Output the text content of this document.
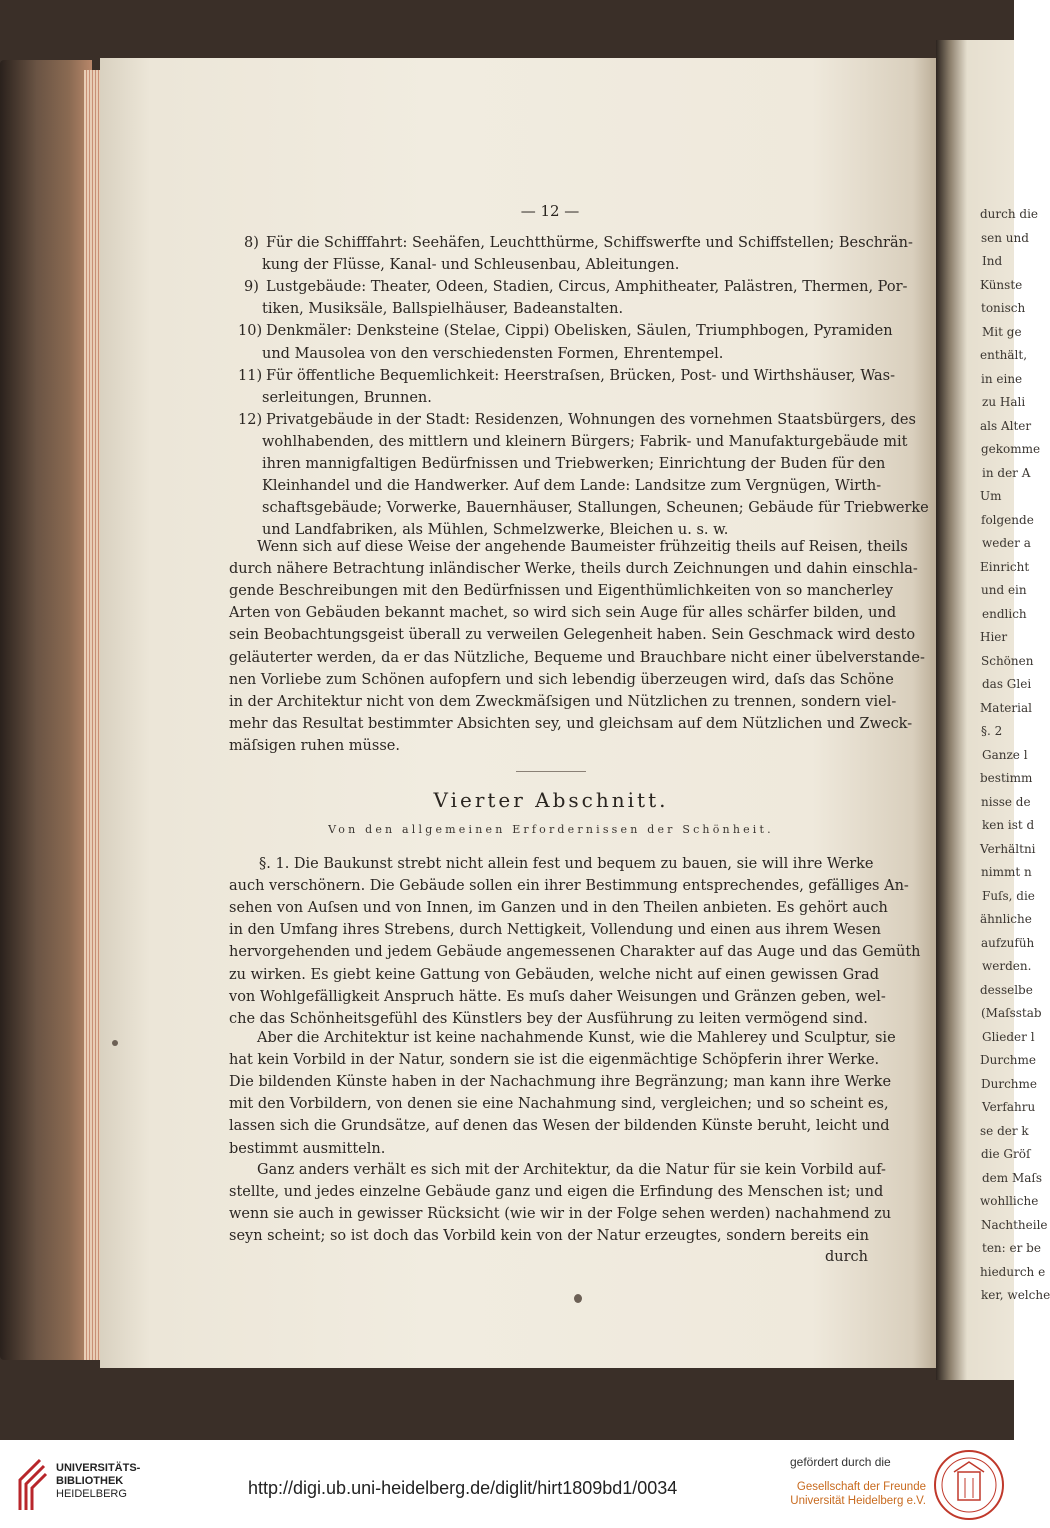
durch die
sen und
Ind
Künste
tonisch
Mit ge
enthält,
in eine
zu Hali
als Alter
gekomme
in der A
Um
folgende
weder a
Einricht
und ein
endlich
Hier
Schönen
das Glei
Material
§. 2
Ganze l
bestimm
nisse de
ken ist d
Verhältni
nimmt n
Fuſs, die
ähnliche
aufzufüh
werden.
desselbe
(Maſsstab
Glieder l
Durchme
Durchme
Verfahru
se der k
die Gröſ
dem Maſs
wohlliche
Nachtheile
ten: er be
hiedurch e
ker, welche
— 12 —
8) Für die Schifffahrt: Seehäfen, Leuchtthürme, Schiffswerfte und Schiffstellen; Beschrän-
kung der Flüsse, Kanal- und Schleusenbau, Ableitungen.
9) Lustgebäude: Theater, Odeen, Stadien, Circus, Amphitheater, Palästren, Thermen, Por-
tiken, Musiksäle, Ballspielhäuser, Badeanstalten.
10) Denkmäler: Denksteine (Stelae, Cippi) Obelisken, Säulen, Triumphbogen, Pyramiden
und Mausolea von den verschiedensten Formen, Ehrentempel.
11) Für öffentliche Bequemlichkeit: Heerstraſsen, Brücken, Post- und Wirthshäuser, Was-
serleitungen, Brunnen.
12) Privatgebäude in der Stadt: Residenzen, Wohnungen des vornehmen Staatsbürgers, des
wohlhabenden, des mittlern und kleinern Bürgers; Fabrik- und Manufakturgebäude mit
ihren mannigfaltigen Bedürfnissen und Triebwerken; Einrichtung der Buden für den
Kleinhandel und die Handwerker. Auf dem Lande: Landsitze zum Vergnügen, Wirth-
schaftsgebäude; Vorwerke, Bauernhäuser, Stallungen, Scheunen; Gebäude für Triebwerke
und Landfabriken, als Mühlen, Schmelzwerke, Bleichen u. s. w.
Wenn sich auf diese Weise der angehende Baumeister frühzeitig theils auf Reisen, theils
durch nähere Betrachtung inländischer Werke, theils durch Zeichnungen und dahin einschla-
gende Beschreibungen mit den Bedürfnissen und Eigenthümlichkeiten von so mancherley
Arten von Gebäuden bekannt machet, so wird sich sein Auge für alles schärfer bilden, und
sein Beobachtungsgeist überall zu verweilen Gelegenheit haben. Sein Geschmack wird desto
geläuterter werden, da er das Nützliche, Bequeme und Brauchbare nicht einer übelverstande-
nen Vorliebe zum Schönen aufopfern und sich lebendig überzeugen wird, daſs das Schöne
in der Architektur nicht von dem Zweckmäſsigen und Nützlichen zu trennen, sondern viel-
mehr das Resultat bestimmter Absichten sey, und gleichsam auf dem Nützlichen und Zweck-
mäſsigen ruhen müsse.
Vierter Abschnitt.
Von den allgemeinen Erfordernissen der Schönheit.
§. 1. Die Baukunst strebt nicht allein fest und bequem zu bauen, sie will ihre Werke
auch verschönern. Die Gebäude sollen ein ihrer Bestimmung entsprechendes, gefälliges An-
sehen von Auſsen und von Innen, im Ganzen und in den Theilen anbieten. Es gehört auch
in den Umfang ihres Strebens, durch Nettigkeit, Vollendung und einen aus ihrem Wesen
hervorgehenden und jedem Gebäude angemessenen Charakter auf das Auge und das Gemüth
zu wirken. Es giebt keine Gattung von Gebäuden, welche nicht auf einen gewissen Grad
von Wohlgefälligkeit Anspruch hätte. Es muſs daher Weisungen und Gränzen geben, wel-
che das Schönheitsgefühl des Künstlers bey der Ausführung zu leiten vermögend sind.
Aber die Architektur ist keine nachahmende Kunst, wie die Mahlerey und Sculptur, sie
hat kein Vorbild in der Natur, sondern sie ist die eigenmächtige Schöpferin ihrer Werke.
Die bildenden Künste haben in der Nachachmung ihre Begränzung; man kann ihre Werke
mit den Vorbildern, von denen sie eine Nachahmung sind, vergleichen; und so scheint es,
lassen sich die Grundsätze, auf denen das Wesen der bildenden Künste beruht, leicht und
bestimmt ausmitteln.
Ganz anders verhält es sich mit der Architektur, da die Natur für sie kein Vorbild auf-
stellte, und jedes einzelne Gebäude ganz und eigen die Erfindung des Menschen ist; und
wenn sie auch in gewisser Rücksicht (wie wir in der Folge sehen werden) nachahmend zu
seyn scheint; so ist doch das Vorbild kein von der Natur erzeugtes, sondern bereits ein
durch
UNIVERSITÄTS-
BIBLIOTHEK
HEIDELBERG	http://digi.ub.uni-heidelberg.de/diglit/hirt1809bd1/0034
gefördert durch die
Gesellschaft der Freunde
Universität Heidelberg e.V.
